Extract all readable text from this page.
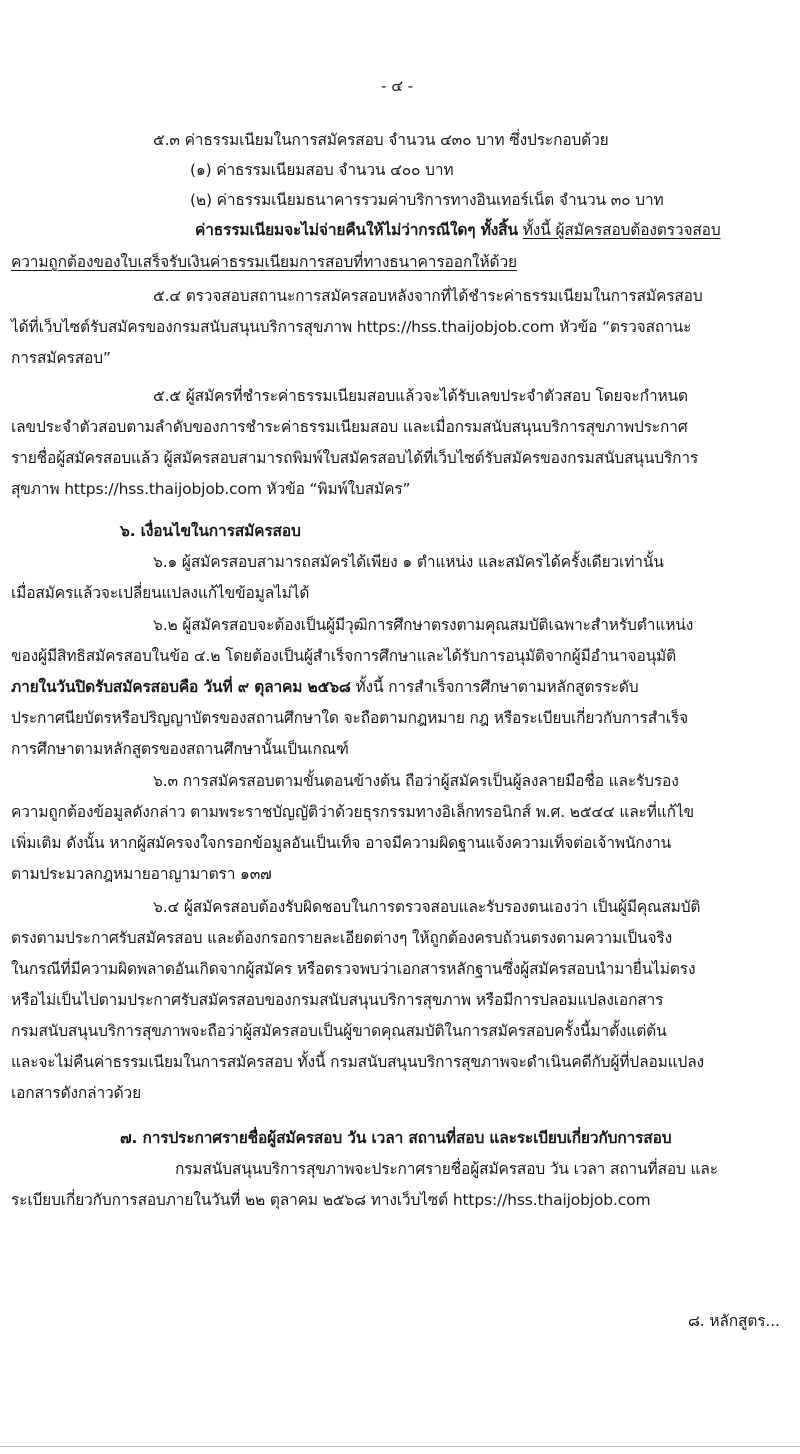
- ๔ -
๕.๓ ค่าธรรมเนียมในการสมัครสอบ จำนวน ๔๓๐ บาท ซึ่งประกอบด้วย
(๑) ค่าธรรมเนียมสอบ จำนวน ๔๐๐ บาท
(๒) ค่าธรรมเนียมธนาคารรวมค่าบริการทางอินเทอร์เน็ต จำนวน ๓๐ บาท
ค่าธรรมเนียมจะไม่จ่ายคืนให้ไม่ว่ากรณีใดๆ ทั้งสิ้น ทั้งนี้ ผู้สมัครสอบต้องตรวจสอบ
ความถูกต้องของใบเสร็จรับเงินค่าธรรมเนียมการสอบที่ทางธนาคารออกให้ด้วย
๕.๔ ตรวจสอบสถานะการสมัครสอบหลังจากที่ได้ชำระค่าธรรมเนียมในการสมัครสอบ
ได้ที่เว็บไซต์รับสมัครของกรมสนับสนุนบริการสุขภาพ https://hss.thaijobjob.com หัวข้อ “ตรวจสถานะ
การสมัครสอบ”
๕.๕ ผู้สมัครที่ชำระค่าธรรมเนียมสอบแล้วจะได้รับเลขประจำตัวสอบ โดยจะกำหนด
เลขประจำตัวสอบตามลำดับของการชำระค่าธรรมเนียมสอบ และเมื่อกรมสนับสนุนบริการสุขภาพประกาศ
รายชื่อผู้สมัครสอบแล้ว ผู้สมัครสอบสามารถพิมพ์ใบสมัครสอบได้ที่เว็บไซต์รับสมัครของกรมสนับสนุนบริการ
สุขภาพ https://hss.thaijobjob.com หัวข้อ “พิมพ์ใบสมัคร”
๖. เงื่อนไขในการสมัครสอบ
๖.๑ ผู้สมัครสอบสามารถสมัครได้เพียง ๑ ตำแหน่ง และสมัครได้ครั้งเดียวเท่านั้น
เมื่อสมัครแล้วจะเปลี่ยนแปลงแก้ไขข้อมูลไม่ได้
๖.๒ ผู้สมัครสอบจะต้องเป็นผู้มีวุฒิการศึกษาตรงตามคุณสมบัติเฉพาะสำหรับตำแหน่ง
ของผู้มีสิทธิสมัครสอบในข้อ ๔.๒ โดยต้องเป็นผู้สำเร็จการศึกษาและได้รับการอนุมัติจากผู้มีอำนาจอนุมัติ
ภายในวันปิดรับสมัครสอบคือ วันที่ ๙ ตุลาคม ๒๕๖๘ ทั้งนี้ การสำเร็จการศึกษาตามหลักสูตรระดับ
ประกาศนียบัตรหรือปริญญาบัตรของสถานศึกษาใด จะถือตามกฎหมาย กฎ หรือระเบียบเกี่ยวกับการสำเร็จ
การศึกษาตามหลักสูตรของสถานศึกษานั้นเป็นเกณฑ์
๖.๓ การสมัครสอบตามขั้นตอนข้างต้น ถือว่าผู้สมัครเป็นผู้ลงลายมือชื่อ และรับรอง
ความถูกต้องข้อมูลดังกล่าว ตามพระราชบัญญัติว่าด้วยธุรกรรมทางอิเล็กทรอนิกส์ พ.ศ. ๒๕๔๔ และที่แก้ไข
เพิ่มเติม ดังนั้น หากผู้สมัครจงใจกรอกข้อมูลอันเป็นเท็จ อาจมีความผิดฐานแจ้งความเท็จต่อเจ้าพนักงาน
ตามประมวลกฎหมายอาญามาตรา ๑๓๗
๖.๔ ผู้สมัครสอบต้องรับผิดชอบในการตรวจสอบและรับรองตนเองว่า เป็นผู้มีคุณสมบัติ
ตรงตามประกาศรับสมัครสอบ และต้องกรอกรายละเอียดต่างๆ ให้ถูกต้องครบถ้วนตรงตามความเป็นจริง
ในกรณีที่มีความผิดพลาดอันเกิดจากผู้สมัคร หรือตรวจพบว่าเอกสารหลักฐานซึ่งผู้สมัครสอบนำมายื่นไม่ตรง
หรือไม่เป็นไปตามประกาศรับสมัครสอบของกรมสนับสนุนบริการสุขภาพ หรือมีการปลอมแปลงเอกสาร
กรมสนับสนุนบริการสุขภาพจะถือว่าผู้สมัครสอบเป็นผู้ขาดคุณสมบัติในการสมัครสอบครั้งนี้มาตั้งแต่ต้น
และจะไม่คืนค่าธรรมเนียมในการสมัครสอบ ทั้งนี้ กรมสนับสนุนบริการสุขภาพจะดำเนินคดีกับผู้ที่ปลอมแปลง
เอกสารดังกล่าวด้วย
๗. การประกาศรายชื่อผู้สมัครสอบ วัน เวลา สถานที่สอบ และระเบียบเกี่ยวกับการสอบ
กรมสนับสนุนบริการสุขภาพจะประกาศรายชื่อผู้สมัครสอบ วัน เวลา สถานที่สอบ และ
ระเบียบเกี่ยวกับการสอบภายในวันที่ ๒๒ ตุลาคม ๒๕๖๘ ทางเว็บไซต์ https://hss.thaijobjob.com
๘. หลักสูตร...
